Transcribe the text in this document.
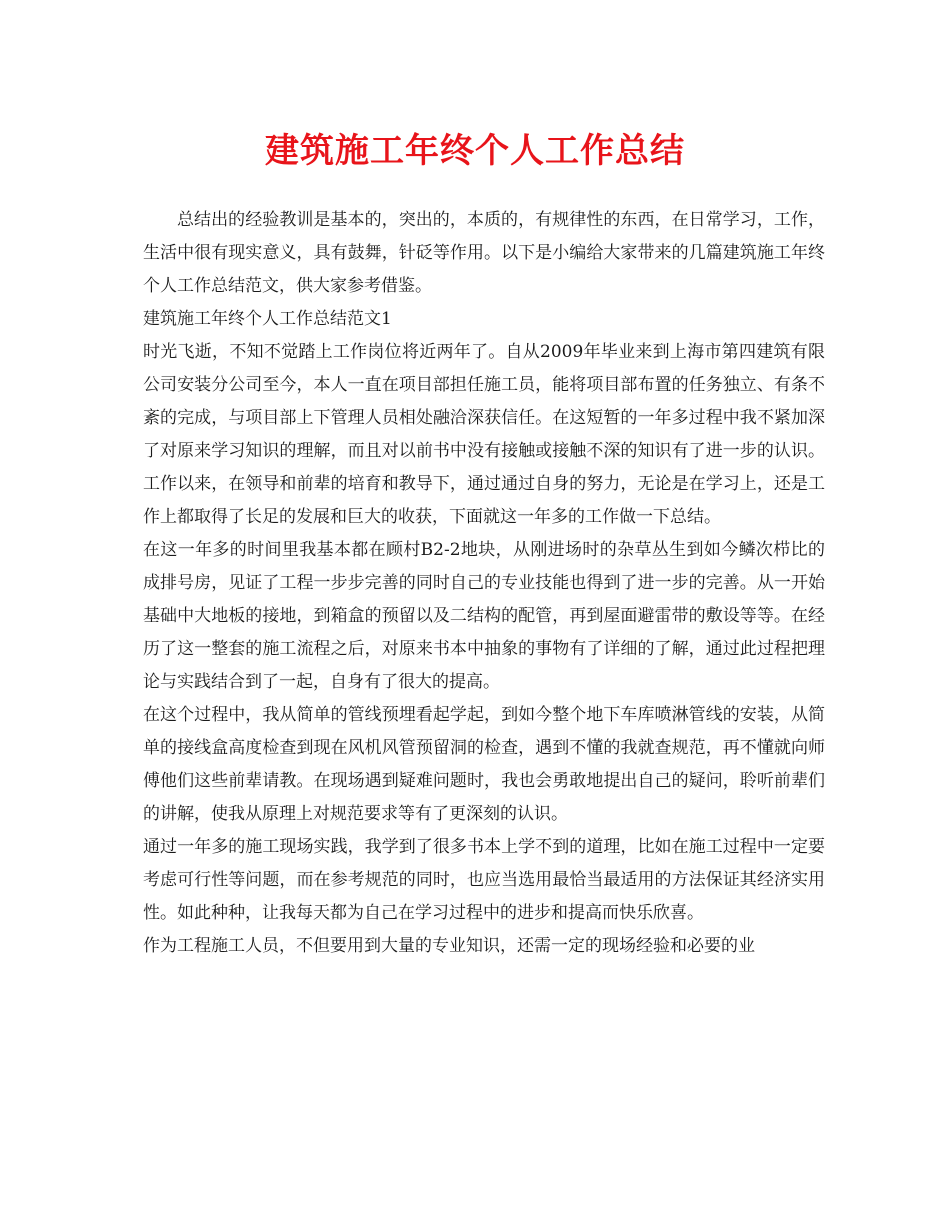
建筑施工年终个人工作总结

总结出的经验教训是基本的，突出的，本质的，有规律性的东西，在日常学习，工作，生活中很有现实意义，具有鼓舞，针砭等作用。以下是小编给大家带来的几篇建筑施工年终个人工作总结范文，供大家参考借鉴。

建筑施工年终个人工作总结范文1

时光飞逝，不知不觉踏上工作岗位将近两年了。自从2009年毕业来到上海市第四建筑有限公司安装分公司至今，本人一直在项目部担任施工员，能将项目部布置的任务独立、有条不紊的完成，与项目部上下管理人员相处融洽深获信任。在这短暂的一年多过程中我不紧加深了对原来学习知识的理解，而且对以前书中没有接触或接触不深的知识有了进一步的认识。工作以来，在领导和前辈的培育和教导下，通过通过自身的努力，无论是在学习上，还是工作上都取得了长足的发展和巨大的收获，下面就这一年多的工作做一下总结。

在这一年多的时间里我基本都在顾村B2-2地块，从刚进场时的杂草丛生到如今鳞次栉比的成排号房，见证了工程一步步完善的同时自己的专业技能也得到了进一步的完善。从一开始基础中大地板的接地，到箱盒的预留以及二结构的配管，再到屋面避雷带的敷设等等。在经历了这一整套的施工流程之后，对原来书本中抽象的事物有了详细的了解，通过此过程把理论与实践结合到了一起，自身有了很大的提高。

在这个过程中，我从简单的管线预埋看起学起，到如今整个地下车库喷淋管线的安装，从简单的接线盒高度检查到现在风机风管预留洞的检查，遇到不懂的我就查规范，再不懂就向师傅他们这些前辈请教。在现场遇到疑难问题时，我也会勇敢地提出自己的疑问，聆听前辈们的讲解，使我从原理上对规范要求等有了更深刻的认识。

通过一年多的施工现场实践，我学到了很多书本上学不到的道理，比如在施工过程中一定要考虑可行性等问题，而在参考规范的同时，也应当选用最恰当最适用的方法保证其经济实用性。如此种种，让我每天都为自己在学习过程中的进步和提高而快乐欣喜。

作为工程施工人员，不但要用到大量的专业知识，还需一定的现场经验和必要的业
